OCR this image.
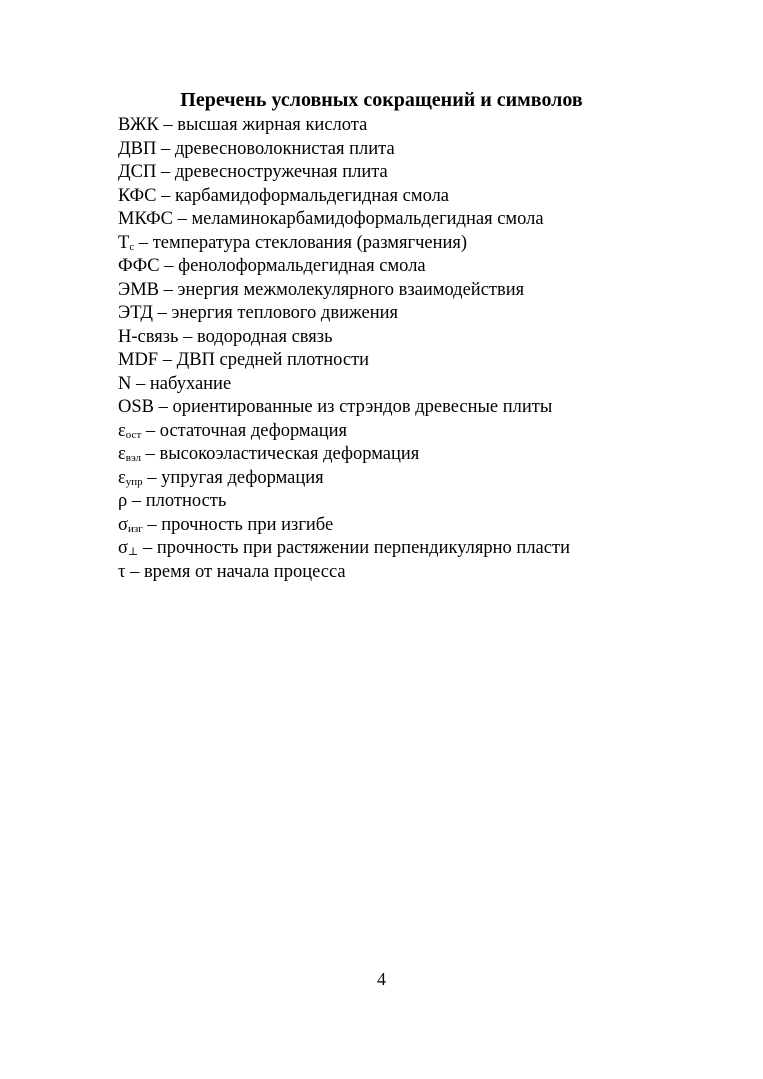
Перечень условных сокращений и символов
ВЖК – высшая жирная кислота
ДВП – древесноволокнистая плита
ДСП – древесностружечная плита
КФС – карбамидоформальдегидная смола
МКФС – меламинокарбамидоформальдегидная смола
Tс – температура стеклования (размягчения)
ФФС – фенолоформальдегидная смола
ЭМВ – энергия межмолекулярного взаимодействия
ЭТД – энергия теплового движения
Н-связь – водородная связь
MDF – ДВП средней плотности
N – набухание
OSB – ориентированные из стрэндов древесные плиты
εост – остаточная деформация
εвэл – высокоэластическая деформация
εупр – упругая деформация
ρ – плотность
σизг – прочность при изгибе
σ⊥ – прочность при растяжении перпендикулярно пласти
τ – время от начала процесса
4
